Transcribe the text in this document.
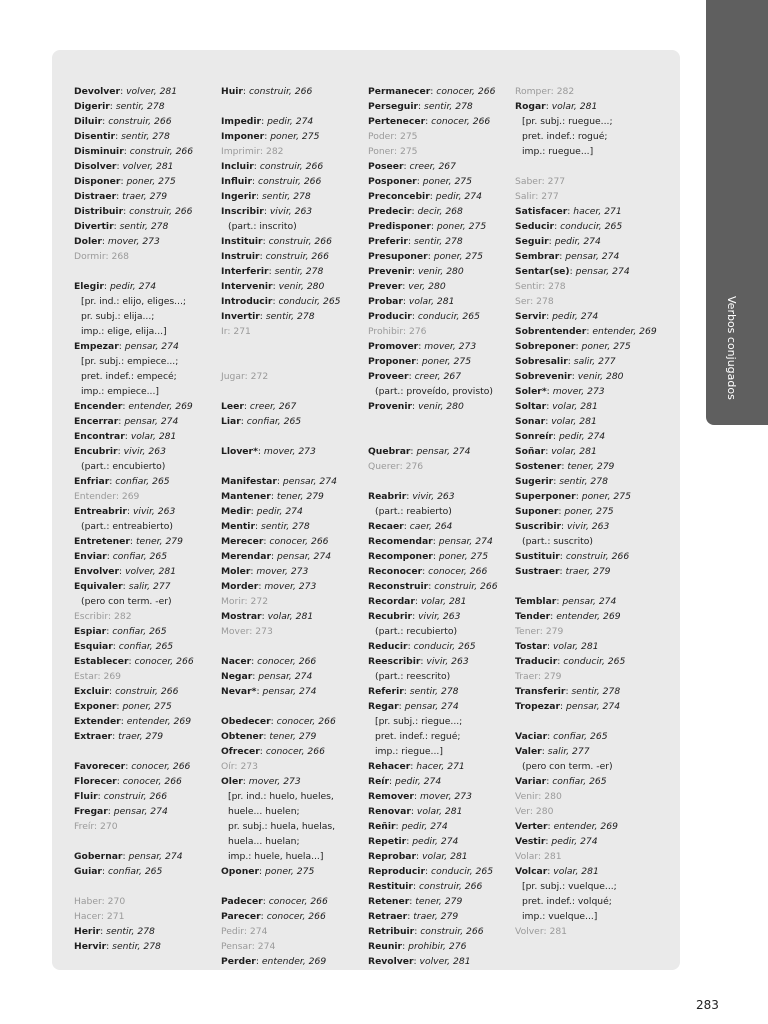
Devolver: volver, 281
Digerir: sentir, 278
Diluir: construir, 266
Disentir: sentir, 278
Disminuir: construir, 266
Disolver: volver, 281
Disponer: poner, 275
Distraer: traer, 279
Distribuir: construir, 266
Divertir: sentir, 278
Doler: mover, 273
Dormir: 268
Elegir: pedir, 274
[pr. ind.: elijo, eliges...;
pr. subj.: elija...;
imp.: elige, elija...]
Empezar: pensar, 274
[pr. subj.: empiece...;
pret. indef.: empecé;
imp.: empiece...]
Encender: entender, 269
Encerrar: pensar, 274
Encontrar: volar, 281
Encubrir: vivir, 263
(part.: encubierto)
Enfriar: confiar, 265
Entender: 269
Entreabrir: vivir, 263
(part.: entreabierto)
Entretener: tener, 279
Enviar: confiar, 265
Envolver: volver, 281
Equivaler: salir, 277
(pero con term. -er)
Escribir: 282
Espiar: confiar, 265
Esquiar: confiar, 265
Establecer: conocer, 266
Estar: 269
Excluir: construir, 266
Exponer: poner, 275
Extender: entender, 269
Extraer: traer, 279
Favorecer: conocer, 266
Florecer: conocer, 266
Fluir: construir, 266
Fregar: pensar, 274
Freír: 270
Gobernar: pensar, 274
Guiar: confiar, 265
Haber: 270
Hacer: 271
Herir: sentir, 278
Hervir: sentir, 278
Huir: construir, 266
Impedir: pedir, 274
Imponer: poner, 275
Imprimir: 282
Incluir: construir, 266
Influir: construir, 266
Ingerir: sentir, 278
Inscribir: vivir, 263
(part.: inscrito)
Instituir: construir, 266
Instruir: construir, 266
Interferir: sentir, 278
Intervenir: venir, 280
Introducir: conducir, 265
Invertir: sentir, 278
Ir: 271
Jugar: 272
Leer: creer, 267
Liar: confiar, 265
Llover*: mover, 273
Manifestar: pensar, 274
Mantener: tener, 279
Medir: pedir, 274
Mentir: sentir, 278
Merecer: conocer, 266
Merendar: pensar, 274
Moler: mover, 273
Morder: mover, 273
Morir: 272
Mostrar: volar, 281
Mover: 273
Nacer: conocer, 266
Negar: pensar, 274
Nevar*: pensar, 274
Obedecer: conocer, 266
Obtener: tener, 279
Ofrecer: conocer, 266
Oír: 273
Oler: mover, 273
[pr. ind.: huelo, hueles,
huele... huelen;
pr. subj.: huela, huelas,
huela... huelan;
imp.: huele, huela...]
Oponer: poner, 275
Padecer: conocer, 266
Parecer: conocer, 266
Pedir: 274
Pensar: 274
Perder: entender, 269
Permanecer: conocer, 266
Perseguir: sentir, 278
Pertenecer: conocer, 266
Poder: 275
Poner: 275
Poseer: creer, 267
Posponer: poner, 275
Preconcebir: pedir, 274
Predecir: decir, 268
Predisponer: poner, 275
Preferir: sentir, 278
Presuponer: poner, 275
Prevenir: venir, 280
Prever: ver, 280
Probar: volar, 281
Producir: conducir, 265
Prohibir: 276
Promover: mover, 273
Proponer: poner, 275
Proveer: creer, 267
(part.: proveído, provisto)
Provenir: venir, 280
Quebrar: pensar, 274
Querer: 276
Reabrir: vivir, 263
(part.: reabierto)
Recaer: caer, 264
Recomendar: pensar, 274
Recomponer: poner, 275
Reconocer: conocer, 266
Reconstruir: construir, 266
Recordar: volar, 281
Recubrir: vivir, 263
(part.: recubierto)
Reducir: conducir, 265
Reescribir: vivir, 263
(part.: reescrito)
Referir: sentir, 278
Regar: pensar, 274
[pr. subj.: riegue...;
pret. indef.: regué;
imp.: riegue...]
Rehacer: hacer, 271
Reír: pedir, 274
Remover: mover, 273
Renovar: volar, 281
Reñir: pedir, 274
Repetir: pedir, 274
Reprobar: volar, 281
Reproducir: conducir, 265
Restituir: construir, 266
Retener: tener, 279
Retraer: traer, 279
Retribuir: construir, 266
Reunir: prohibir, 276
Revolver: volver, 281
Romper: 282
Rogar: volar, 281
[pr. subj.: ruegue...;
pret. indef.: rogué;
imp.: ruegue...]
Saber: 277
Salir: 277
Satisfacer: hacer, 271
Seducir: conducir, 265
Seguir: pedir, 274
Sembrar: pensar, 274
Sentar(se): pensar, 274
Sentir: 278
Ser: 278
Servir: pedir, 274
Sobrentender: entender, 269
Sobreponer: poner, 275
Sobresalir: salir, 277
Sobrevenir: venir, 280
Soler*: mover, 273
Soltar: volar, 281
Sonar: volar, 281
Sonreír: pedir, 274
Soñar: volar, 281
Sostener: tener, 279
Sugerir: sentir, 278
Superponer: poner, 275
Suponer: poner, 275
Suscribir: vivir, 263
(part.: suscrito)
Sustituir: construir, 266
Sustraer: traer, 279
Temblar: pensar, 274
Tender: entender, 269
Tener: 279
Tostar: volar, 281
Traducir: conducir, 265
Traer: 279
Transferir: sentir, 278
Tropezar: pensar, 274
Vaciar: confiar, 265
Valer: salir, 277
(pero con term. -er)
Variar: confiar, 265
Venir: 280
Ver: 280
Verter: entender, 269
Vestir: pedir, 274
Volar: 281
Volcar: volar, 281
[pr. subj.: vuelque...;
pret. indef.: volqué;
imp.: vuelque...]
Volver: 281
Verbos conjugados
283
